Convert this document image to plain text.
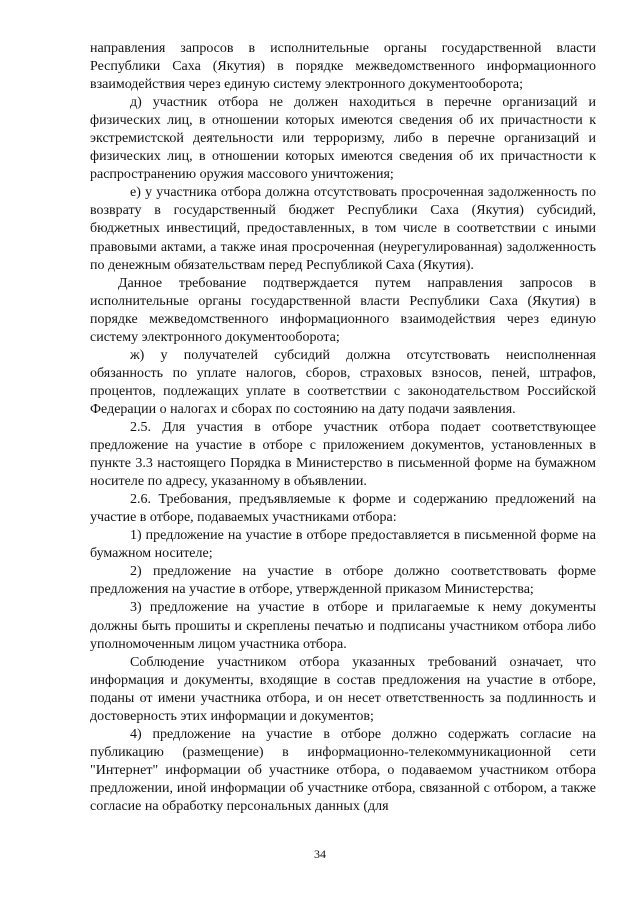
направления запросов в исполнительные органы государственной власти Республики Саха (Якутия) в порядке межведомственного информационного взаимодействия через единую систему электронного документооборота;

д) участник отбора не должен находиться в перечне организаций и физических лиц, в отношении которых имеются сведения об их причастности к экстремистской деятельности или терроризму, либо в перечне организаций и физических лиц, в отношении которых имеются сведения об их причастности к распространению оружия массового уничтожения;

е) у участника отбора должна отсутствовать просроченная задолженность по возврату в государственный бюджет Республики Саха (Якутия) субсидий, бюджетных инвестиций, предоставленных, в том числе в соответствии с иными правовыми актами, а также иная просроченная (неурегулированная) задолженность по денежным обязательствам перед Республикой Саха (Якутия).

Данное требование подтверждается путем направления запросов в исполнительные органы государственной власти Республики Саха (Якутия) в порядке межведомственного информационного взаимодействия через единую систему электронного документооборота;

ж) у получателей субсидий должна отсутствовать неисполненная обязанность по уплате налогов, сборов, страховых взносов, пеней, штрафов, процентов, подлежащих уплате в соответствии с законодательством Российской Федерации о налогах и сборах по состоянию на дату подачи заявления.

2.5. Для участия в отборе участник отбора подает соответствующее предложение на участие в отборе с приложением документов, установленных в пункте 3.3 настоящего Порядка в Министерство в письменной форме на бумажном носителе по адресу, указанному в объявлении.

2.6. Требования, предъявляемые к форме и содержанию предложений на участие в отборе, подаваемых участниками отбора:

1) предложение на участие в отборе предоставляется в письменной форме на бумажном носителе;

2) предложение на участие в отборе должно соответствовать форме предложения на участие в отборе, утвержденной приказом Министерства;

3) предложение на участие в отборе и прилагаемые к нему документы должны быть прошиты и скреплены печатью и подписаны участником отбора либо уполномоченным лицом участника отбора.

Соблюдение участником отбора указанных требований означает, что информация и документы, входящие в состав предложения на участие в отборе, поданы от имени участника отбора, и он несет ответственность за подлинность и достоверность этих информации и документов;

4) предложение на участие в отборе должно содержать согласие на публикацию (размещение) в информационно-телекоммуникационной сети "Интернет" информации об участнике отбора, о подаваемом участником отбора предложении, иной информации об участнике отбора, связанной с отбором, а также согласие на обработку персональных данных (для

34
